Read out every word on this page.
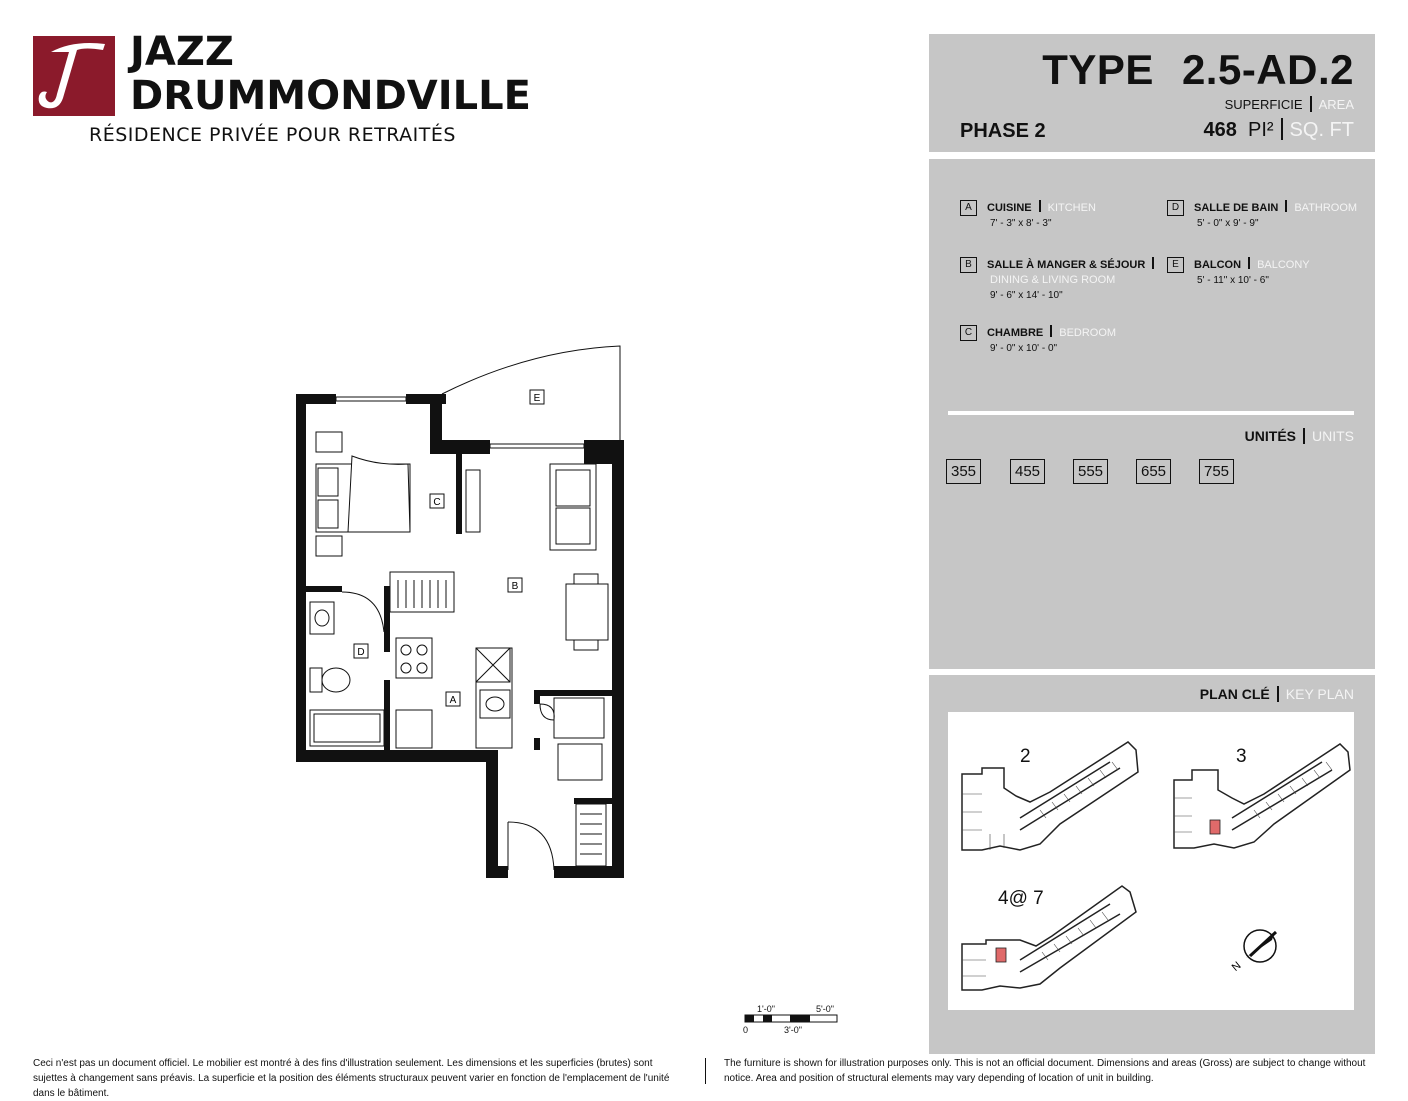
JAZZ
DRUMMONDVILLE
RÉSIDENCE PRIVÉE POUR RETRAITÉS
TYPE 2.5-AD.2
SUPERFICIE AREA
PHASE 2	468 PI² SQ. FT
A CUISINE KITCHEN
7' - 3" x 8' - 3"
B SALLE À MANGER & SÉJOUR
DINING & LIVING ROOM
9' - 6" x 14' - 10"
C CHAMBRE BEDROOM
9' - 0" x 10' - 0"
D SALLE DE BAIN BATHROOM
5' - 0" x 9' - 9"
E BALCON BALCONY
5' - 11" x 10' - 6"
UNITÉS UNITS
355	455	555	655	755
PLAN CLÉ KEY PLAN
2	3
4@ 7
N
C
B
D
A
E
1'-0"	5'-0"
0	3'-0"
Ceci n'est pas un document officiel. Le mobilier est montré à des fins d'illustration seulement. Les dimensions et les superficies (brutes) sont sujettes à changement sans préavis. La superficie et la position des éléments structuraux peuvent varier en fonction de l'emplacement de l'unité dans le bâtiment.
The furniture is shown for illustration purposes only. This is not an official document. Dimensions and areas (Gross) are subject to change without notice. Area and position of structural elements may vary depending of location of unit in building.
